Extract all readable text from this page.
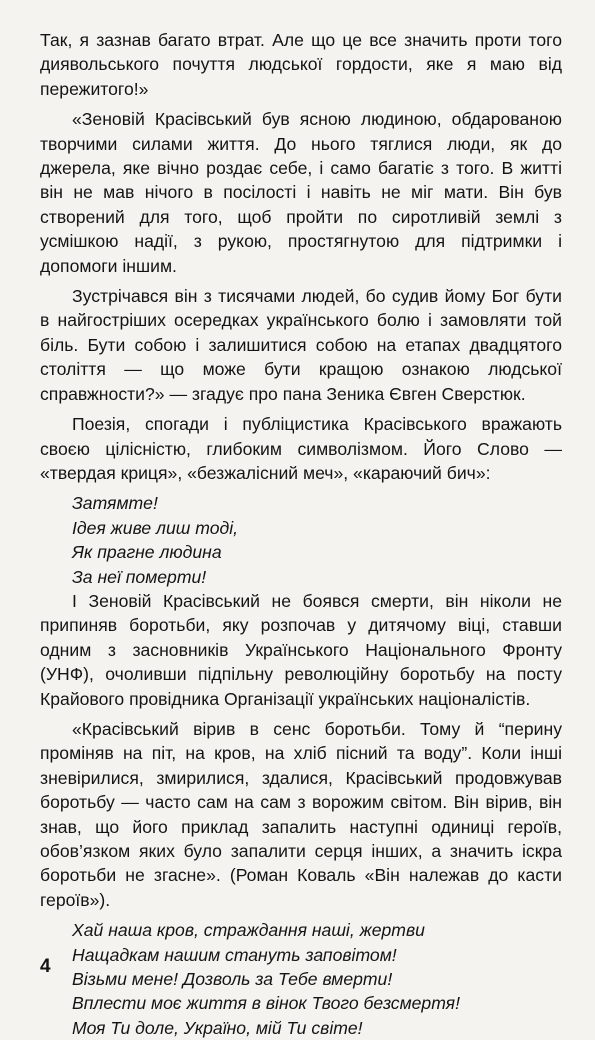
Так, я зазнав багато втрат. Але що це все значить проти того диявольського почуття людської гордости, яке я маю від пережитого!»

«Зеновій Красівський був ясною людиною, обдарованою творчими силами життя. До нього тяглися люди, як до джерела, яке вічно роздає себе, і само багатіє з того. В житті він не мав нічого в посілості і навіть не міг мати. Він був створений для того, щоб пройти по сиротливій землі з усмішкою надії, з рукою, простягнутою для підтримки і допомоги іншим.

Зустрічався він з тисячами людей, бо судив йому Бог бути в найгостріших осередках українського болю і замовляти той біль. Бути собою і залишитися собою на етапах двадцятого століття — що може бути кращою ознакою людської справжности?» — згадує про пана Зеника Євген Сверстюк.

Поезія, спогади і публіцистика Красівського вражають своєю цілісністю, глибоким символізмом. Його Слово — «твердая криця», «безжалісний меч», «караючий бич»:

Затямте!
Ідея живе лиш тоді,
Як прагне людина
За неї померти!

І Зеновій Красівський не боявся смерти, він ніколи не припиняв боротьби, яку розпочав у дитячому віці, ставши одним з засновників Українського Національного Фронту (УНФ), очоливши підпільну революційну боротьбу на посту Крайового провідника Організації українських націоналістів.

«Красівський вірив в сенс боротьби. Тому й “перину проміняв на піт, на кров, на хліб пісний та воду”. Коли інші зневірилися, змирилися, здалися, Красівський продовжував боротьбу — часто сам на сам з ворожим світом. Він вірив, він знав, що його приклад запалить наступні одиниці героїв, обов’язком яких було запалити серця інших, а значить іскра боротьби не згасне». (Роман Коваль «Він належав до касти героїв»).

Хай наша кров, страждання наші, жертви
Нащадкам нашим стануть заповітом!
Візьми мене! Дозволь за Тебе вмерти!
Вплести моє життя в вінок Твого безсмертя!
Моя Ти доле, Україно, мій Ти світе!

4
